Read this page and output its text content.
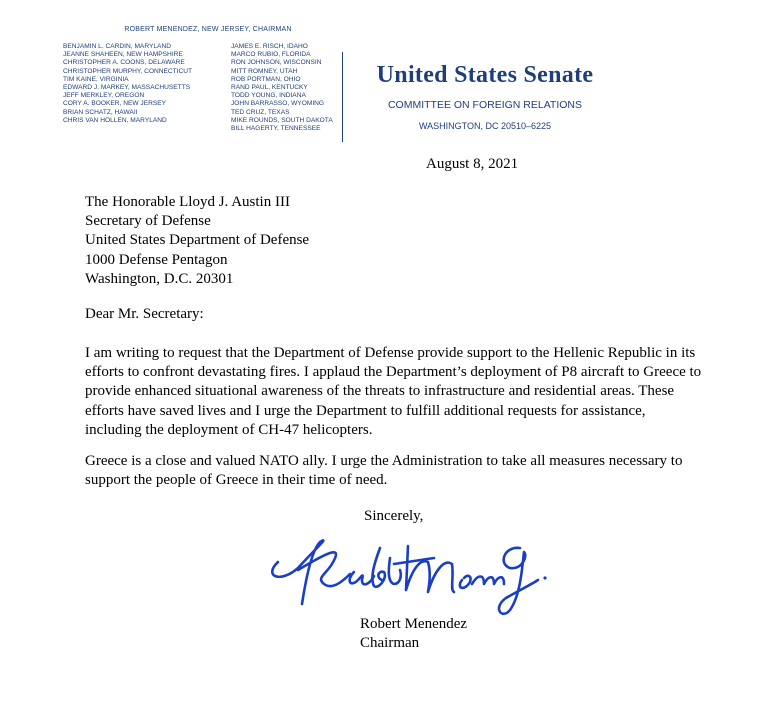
ROBERT MENENDEZ, NEW JERSEY, CHAIRMAN
BENJAMIN L. CARDIN, MARYLAND
JEANNE SHAHEEN, NEW HAMPSHIRE
CHRISTOPHER A. COONS, DELAWARE
CHRISTOPHER MURPHY, CONNECTICUT
TIM KAINE, VIRGINIA
EDWARD J. MARKEY, MASSACHUSETTS
JEFF MERKLEY, OREGON
CORY A. BOOKER, NEW JERSEY
BRIAN SCHATZ, HAWAII
CHRIS VAN HOLLEN, MARYLAND
JAMES E. RISCH, IDAHO
MARCO RUBIO, FLORIDA
RON JOHNSON, WISCONSIN
MITT ROMNEY, UTAH
ROB PORTMAN, OHIO
RAND PAUL, KENTUCKY
TODD YOUNG, INDIANA
JOHN BARRASSO, WYOMING
TED CRUZ, TEXAS
MIKE ROUNDS, SOUTH DAKOTA
BILL HAGERTY, TENNESSEE
United States Senate
COMMITTEE ON FOREIGN RELATIONS
WASHINGTON, DC 20510–6225
August 8, 2021
The Honorable Lloyd J. Austin III
Secretary of Defense
United States Department of Defense
1000 Defense Pentagon
Washington, D.C. 20301
Dear Mr. Secretary:
I am writing to request that the Department of Defense provide support to the Hellenic Republic in its efforts to confront devastating fires. I applaud the Department’s deployment of P8 aircraft to Greece to provide enhanced situational awareness of the threats to infrastructure and residential areas. These efforts have saved lives and I urge the Department to fulfill additional requests for assistance, including the deployment of CH-47 helicopters.
Greece is a close and valued NATO ally. I urge the Administration to take all measures necessary to support the people of Greece in their time of need.
Sincerely,
Robert Menendez
Chairman
